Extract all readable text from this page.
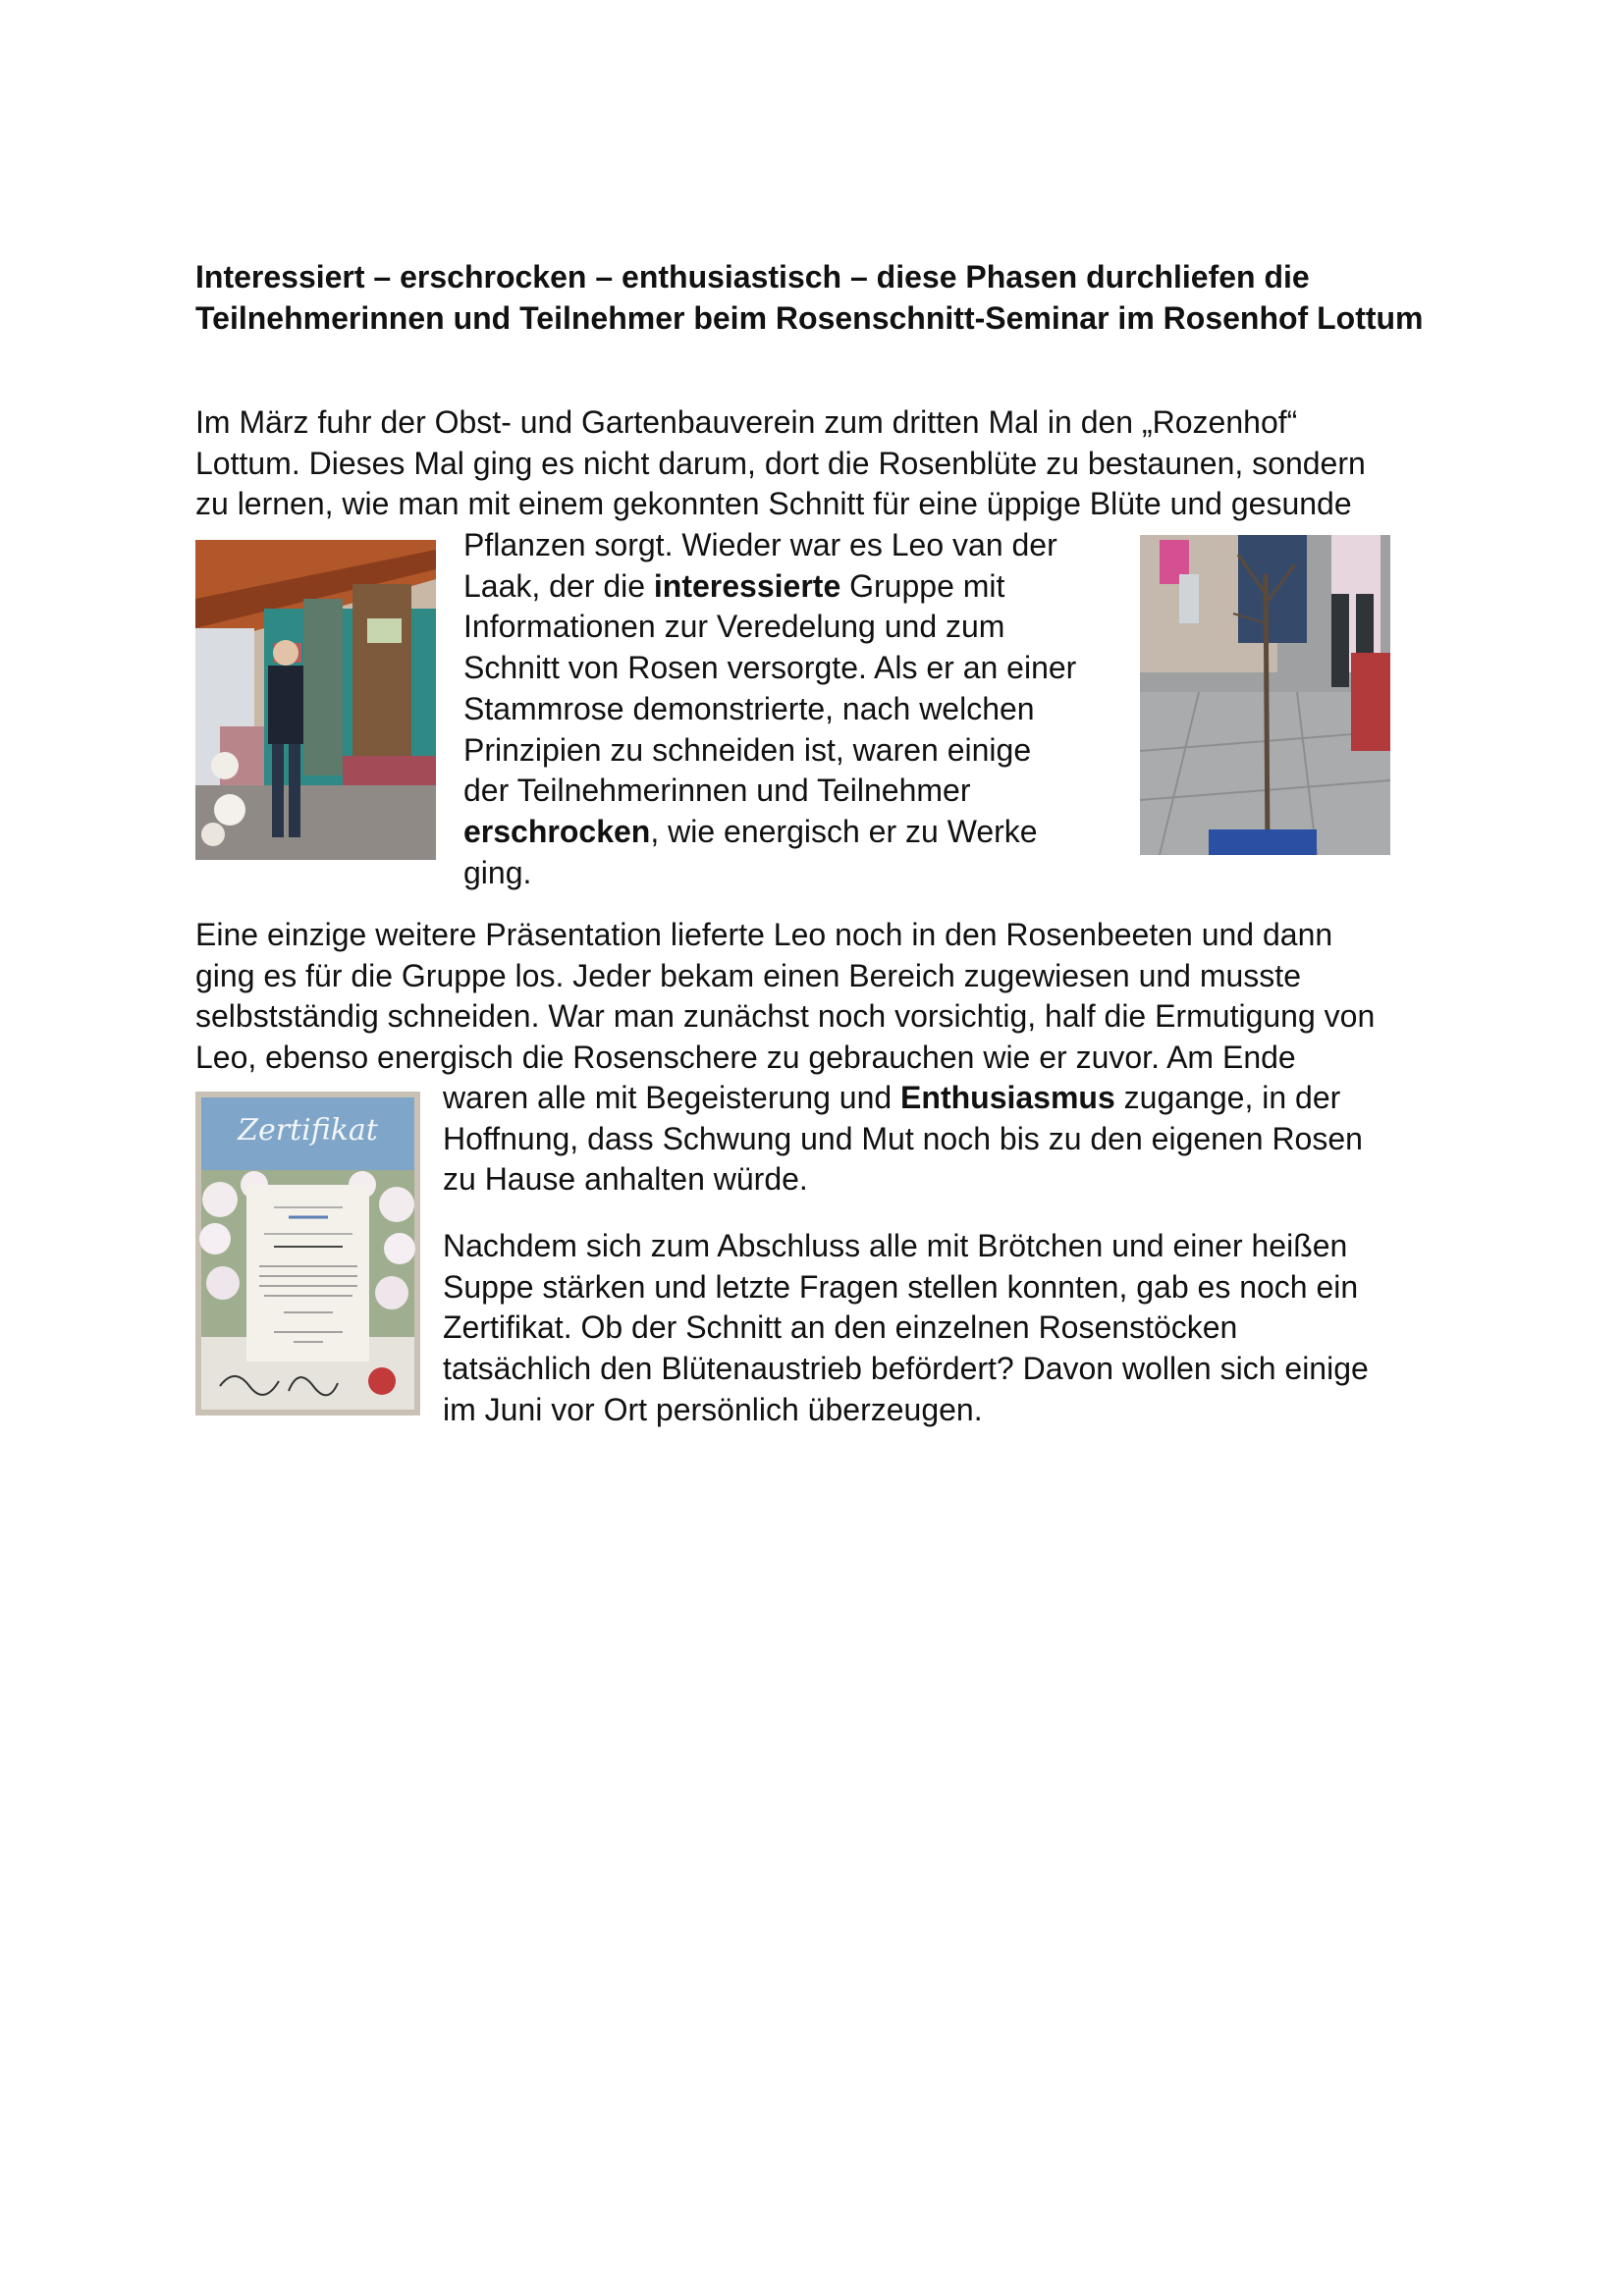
Interessiert – erschrocken – enthusiastisch – diese Phasen durchliefen die Teilnehmerinnen und Teilnehmer beim Rosenschnitt-Seminar im Rosenhof Lottum
Im März fuhr der Obst- und Gartenbauverein zum dritten Mal in den „Rozenhof“
Lottum. Dieses Mal ging es nicht darum, dort die Rosenblüte zu bestaunen, sondern
zu lernen, wie man mit einem gekonnten Schnitt für eine üppige Blüte und gesunde
Pflanzen sorgt. Wieder war es Leo van der
Laak, der die interessierte Gruppe mit
Informationen zur Veredelung und zum
Schnitt von Rosen versorgte. Als er an einer
Stammrose demonstrierte, nach welchen
Prinzipien zu schneiden ist, waren einige
der Teilnehmerinnen und Teilnehmer
erschrocken, wie energisch er zu Werke
ging.
Eine einzige weitere Präsentation lieferte Leo noch in den Rosenbeeten und dann
ging es für die Gruppe los. Jeder bekam einen Bereich zugewiesen und musste
selbstständig schneiden. War man zunächst noch vorsichtig, half die Ermutigung von
Leo, ebenso energisch die Rosenschere zu gebrauchen wie er zuvor. Am Ende
Zertifikat
waren alle mit Begeisterung und Enthusiasmus zugange, in der
Hoffnung, dass Schwung und Mut noch bis zu den eigenen Rosen
zu Hause anhalten würde.
Nachdem sich zum Abschluss alle mit Brötchen und einer heißen
Suppe stärken und letzte Fragen stellen konnten, gab es noch ein
Zertifikat. Ob der Schnitt an den einzelnen Rosenstöcken
tatsächlich den Blütenaustrieb befördert? Davon wollen sich einige
im Juni vor Ort persönlich überzeugen.
